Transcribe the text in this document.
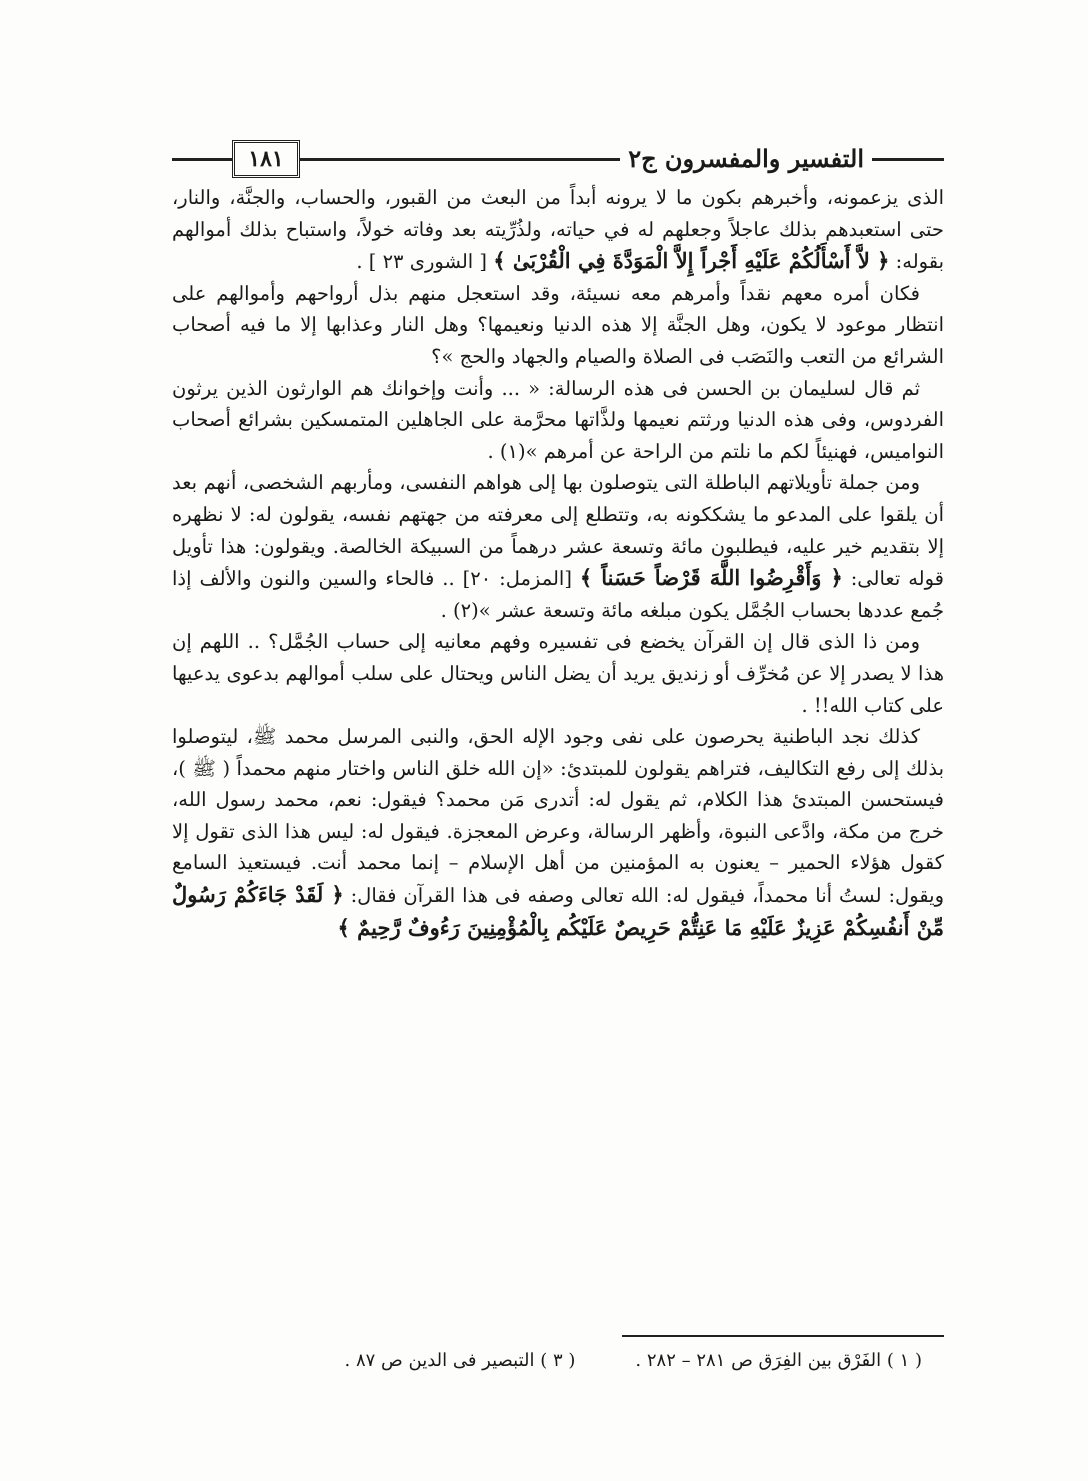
التفسير والمفسرون ج٢
١٨١

الذى يزعمونه، وأخبرهم بكون ما لا يرونه أبداً من البعث من القبور، والحساب، والجنَّة، والنار، حتى استعبدهم بذلك عاجلاً وجعلهم له في حياته، ولذُرِّيته بعد وفاته خولاً، واستباح بذلك أموالهم بقوله: ﴿ لاَّ أَسْأَلُكُمْ عَلَيْهِ أَجْراً إِلاَّ الْمَوَدَّةَ فِي الْقُرْبَىٰ ﴾ [ الشورى ٢٣ ] .

فكان أمره معهم نقداً وأمرهم معه نسيئة، وقد استعجل منهم بذل أرواحهم وأموالهم على انتظار موعود لا يكون، وهل الجنَّة إلا هذه الدنيا ونعيمها؟ وهل النار وعذابها إلا ما فيه أصحاب الشرائع من التعب والنَصَب فى الصلاة والصيام والجهاد والحج »؟

ثم قال لسليمان بن الحسن فى هذه الرسالة: « ... وأنت وإخوانك هم الوارثون الذين يرثون الفردوس، وفى هذه الدنيا ورثتم نعيمها ولذَّاتها محرَّمة على الجاهلين المتمسكين بشرائع أصحاب النواميس، فهنيئاً لكم ما نلتم من الراحة عن أمرهم »(١) .

ومن جملة تأويلاتهم الباطلة التى يتوصلون بها إلى هواهم النفسى، ومأربهم الشخصى، أنهم بعد أن يلقوا على المدعو ما يشككونه به، وتتطلع إلى معرفته من جهتهم نفسه، يقولون له: لا نظهره إلا بتقديم خير عليه، فيطلبون مائة وتسعة عشر درهماً من السبيكة الخالصة. ويقولون: هذا تأويل قوله تعالى: ﴿ وَأَقْرِضُوا اللَّهَ قَرْضاً حَسَناً ﴾ [المزمل: ٢٠] .. فالحاء والسين والنون والألف إذا جُمع عددها بحساب الجُمَّل يكون مبلغه مائة وتسعة عشر »(٢) .

ومن ذا الذى قال إن القرآن يخضع فى تفسيره وفهم معانيه إلى حساب الجُمَّل؟ .. اللهم إن هذا لا يصدر إلا عن مُخرِّف أو زنديق يريد أن يضل الناس ويحتال على سلب أموالهم بدعوى يدعيها على كتاب الله!! .

كذلك نجد الباطنية يحرصون على نفى وجود الإله الحق، والنبى المرسل محمد ﷺ، ليتوصلوا بذلك إلى رفع التكاليف، فتراهم يقولون للمبتدئ: «إن الله خلق الناس واختار منهم محمداً ( ﷺ )، فيستحسن المبتدئ هذا الكلام، ثم يقول له: أتدرى مَن محمد؟ فيقول: نعم، محمد رسول الله، خرج من مكة، وادَّعى النبوة، وأظهر الرسالة، وعرض المعجزة. فيقول له: ليس هذا الذى تقول إلا كقول هؤلاء الحمير – يعنون به المؤمنين من أهل الإسلام – إنما محمد أنت. فيستعيذ السامع ويقول: لستُ أنا محمداً، فيقول له: الله تعالى وصفه فى هذا القرآن فقال: ﴿ لَقَدْ جَاءَكُمْ رَسُولٌ مِّنْ أَنفُسِكُمْ عَزِيزٌ عَلَيْهِ مَا عَنِتُّمْ حَرِيصٌ عَلَيْكُم بِالْمُؤْمِنِينَ رَءُوفٌ رَّحِيمٌ ﴾

( ١ ) الفَرْق بين الفِرَق ص ٢٨١ – ٢٨٢ .
( ٣ ) التبصير فى الدين ص ٨٧ .
